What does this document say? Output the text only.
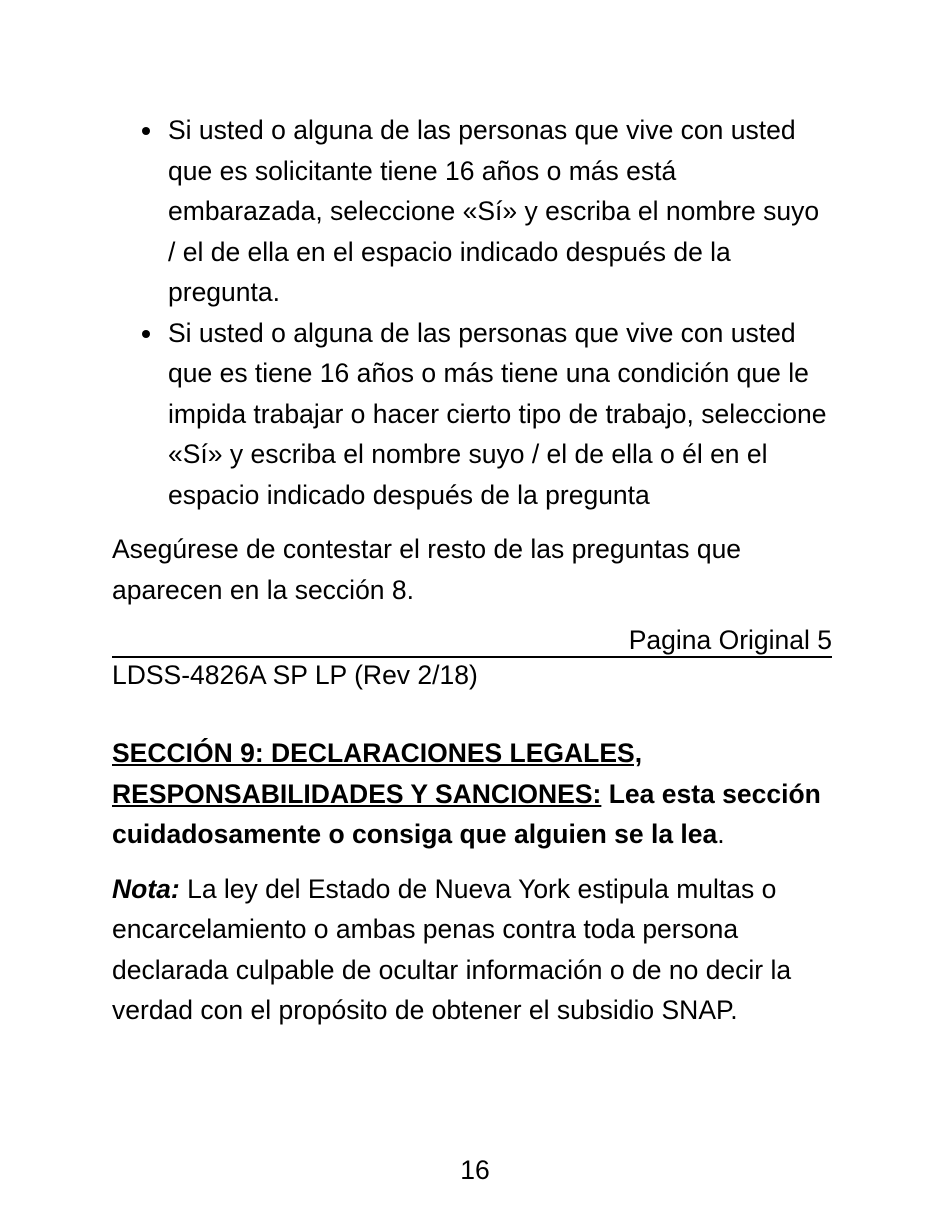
Si usted o alguna de las personas que vive con usted que es solicitante tiene 16 años o más está embarazada, seleccione «Sí» y escriba el nombre suyo / el de ella en el espacio indicado después de la pregunta.
Si usted o alguna de las personas que vive con usted que es tiene 16 años o más tiene una condición que le impida trabajar o hacer cierto tipo de trabajo, seleccione «Sí» y escriba el nombre suyo / el de ella o él en el espacio indicado después de la pregunta

Asegúrese de contestar el resto de las preguntas que aparecen en la sección 8.

Pagina Original 5
LDSS-4826A SP LP (Rev 2/18)

SECCIÓN 9: DECLARACIONES LEGALES, RESPONSABILIDADES Y SANCIONES: Lea esta sección cuidadosamente o consiga que alguien se la lea.

Nota: La ley del Estado de Nueva York estipula multas o encarcelamiento o ambas penas contra toda persona declarada culpable de ocultar información o de no decir la verdad con el propósito de obtener el subsidio SNAP.

16
